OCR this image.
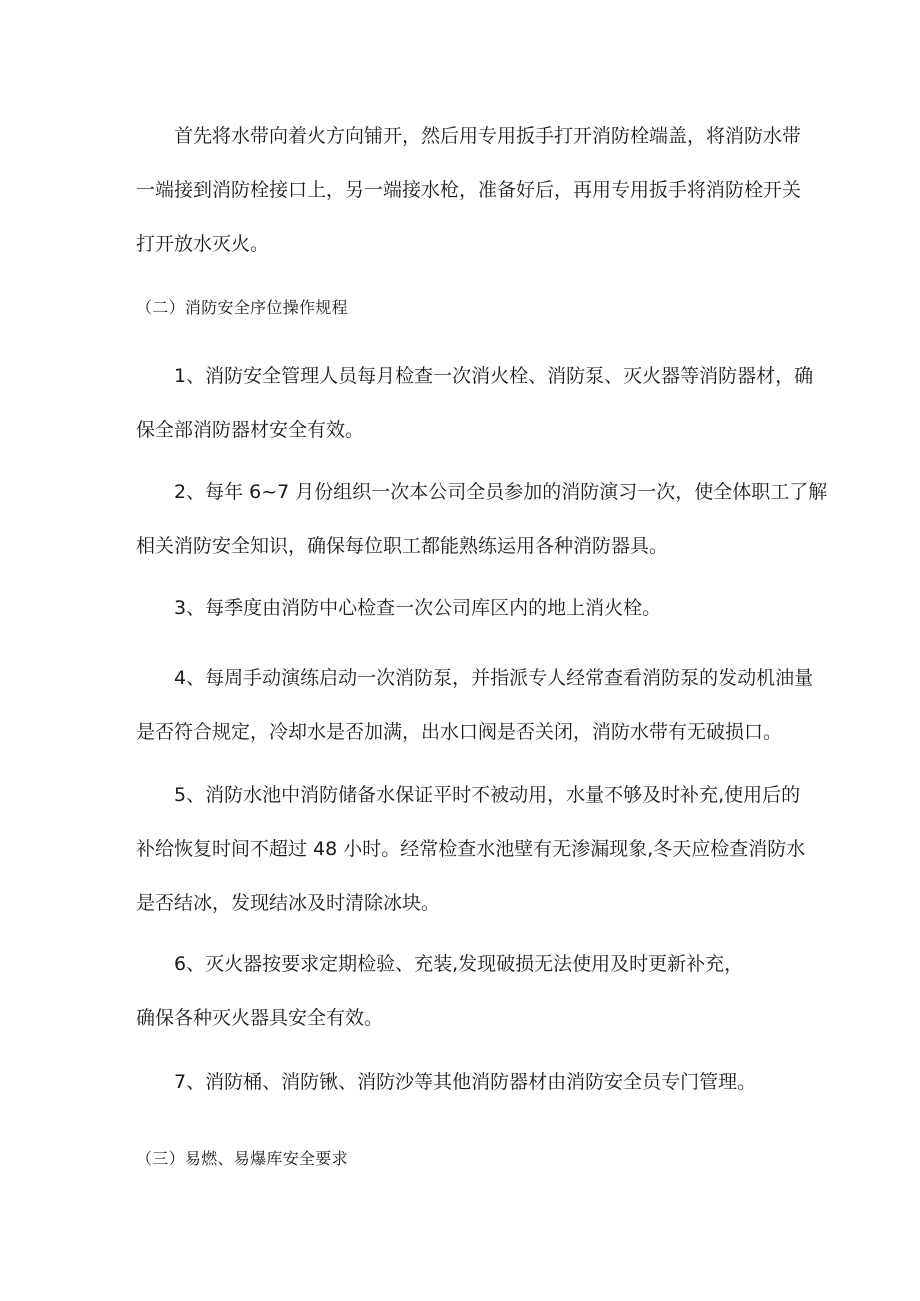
首先将水带向着火方向铺开，然后用专用扳手打开消防栓端盖，将消防水带
一端接到消防栓接口上，另一端接水枪，准备好后，再用专用扳手将消防栓开关
打开放水灭火。
（二）消防安全序位操作规程
1、消防安全管理人员每月检查一次消火栓、消防泵、灭火器等消防器材，确
保全部消防器材安全有效。
2、每年 6~7 月份组织一次本公司全员参加的消防演习一次，使全体职工了解
相关消防安全知识，确保每位职工都能熟练运用各种消防器具。
3、每季度由消防中心检查一次公司库区内的地上消火栓。
4、每周手动演练启动一次消防泵，并指派专人经常查看消防泵的发动机油量
是否符合规定，冷却水是否加满，出水口阀是否关闭，消防水带有无破损口。
5、消防水池中消防储备水保证平时不被动用，水量不够及时补充,使用后的
补给恢复时间不超过 48 小时。经常检查水池壁有无渗漏现象,冬天应检查消防水
是否结冰，发现结冰及时清除冰块。
6、灭火器按要求定期检验、充装,发现破损无法使用及时更新补充，
确保各种灭火器具安全有效。
7、消防桶、消防锹、消防沙等其他消防器材由消防安全员专门管理。
（三）易燃、易爆库安全要求
